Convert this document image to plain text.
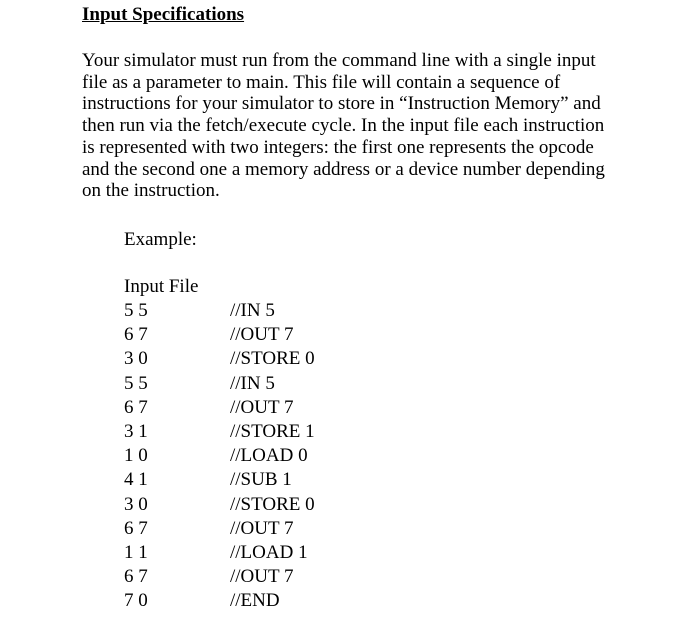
Input Specifications

Your simulator must run from the command line with a single input
file as a parameter to main. This file will contain a sequence of
instructions for your simulator to store in “Instruction Memory” and
then run via the fetch/execute cycle. In the input file each instruction
is represented with two integers: the first one represents the opcode
and the second one a memory address or a device number depending
on the instruction.

Example:
Input File
5 5	//IN 5
6 7	//OUT 7
3 0	//STORE 0
5 5	//IN 5
6 7	//OUT 7
3 1	//STORE 1
1 0	//LOAD 0
4 1	//SUB 1
3 0	//STORE 0
6 7	//OUT 7
1 1	//LOAD 1
6 7	//OUT 7
7 0	//END
